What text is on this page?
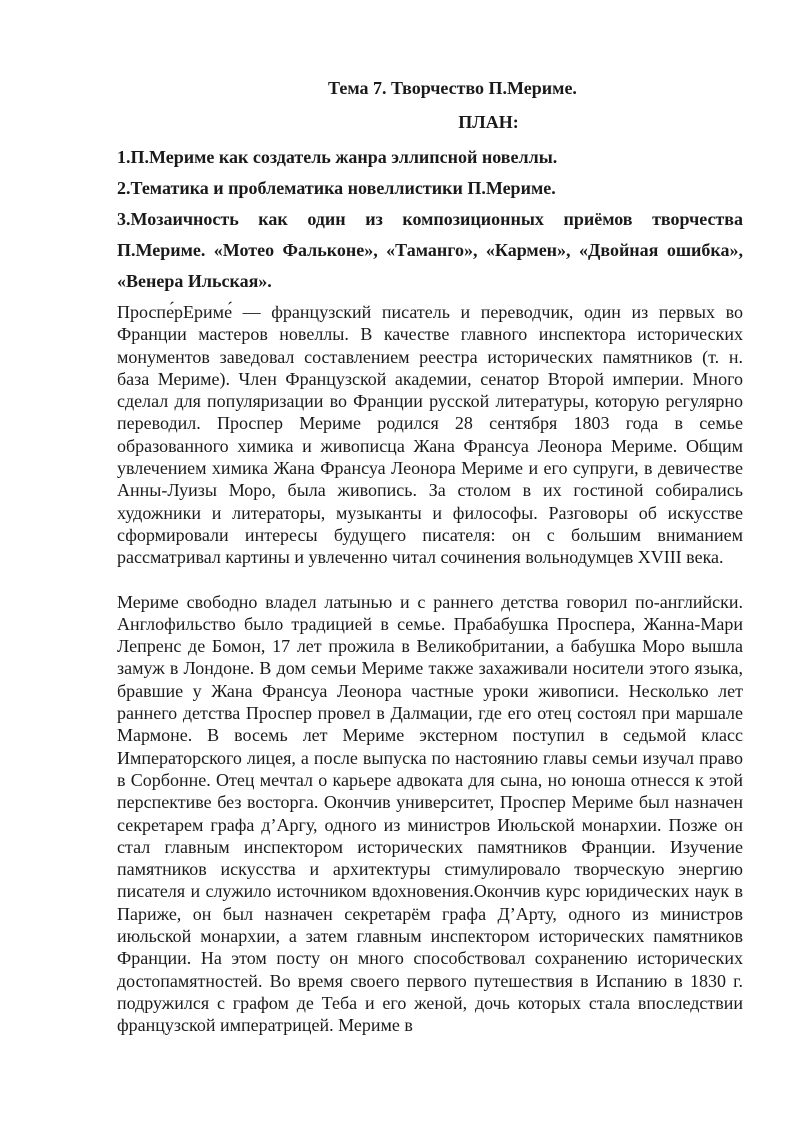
Тема 7. Творчество П.Мериме.

ПЛАН:

1.П.Мериме как создатель жанра эллипсной новеллы.

2.Тематика и проблематика новеллистики П.Мериме.

3.Мозаичность как один из композиционных приёмов творчества П.Мериме. «Мотео Фальконе», «Таманго», «Кармен», «Двойная ошибка», «Венера Ильская».

Проспе́рЕриме́ — французский писатель и переводчик, один из первых во Франции мастеров новеллы. В качестве главного инспектора исторических монументов заведовал составлением реестра исторических памятников (т. н. база Мериме). Член Французской академии, сенатор Второй империи. Много сделал для популяризации во Франции русской литературы, которую регулярно переводил. Проспер Мериме родился 28 сентября 1803 года в семье образованного химика и живописца Жана Франсуа Леонора Мериме. Общим увлечением химика Жана Франсуа Леонора Мериме и его супруги, в девичестве Анны-Луизы Моро, была живопись. За столом в их гостиной собирались художники и литераторы, музыканты и философы. Разговоры об искусстве сформировали интересы будущего писателя: он с большим вниманием рассматривал картины и увлеченно читал сочинения вольнодумцев XVIII века.

Мериме свободно владел латынью и с раннего детства говорил по-английски. Англофильство было традицией в семье. Прабабушка Проспера, Жанна-Мари Лепренс де Бомон, 17 лет прожила в Великобритании, а бабушка Моро вышла замуж в Лондоне. В дом семьи Мериме также захаживали носители этого языка, бравшие у Жана Франсуа Леонора частные уроки живописи. Несколько лет раннего детства Проспер провел в Далмации, где его отец состоял при маршале Мармоне. В восемь лет Мериме экстерном поступил в седьмой класс Императорского лицея, а после выпуска по настоянию главы семьи изучал право в Сорбонне. Отец мечтал о карьере адвоката для сына, но юноша отнесся к этой перспективе без восторга. Окончив университет, Проспер Мериме был назначен секретарем графа д’Аргу, одного из министров Июльской монархии. Позже он стал главным инспектором исторических памятников Франции. Изучение памятников искусства и архитектуры стимулировало творческую энергию писателя и служило источником вдохновения.Окончив курс юридических наук в Париже, он был назначен секретарём графа Д’Арту, одного из министров июльской монархии, а затем главным инспектором исторических памятников Франции. На этом посту он много способствовал сохранению исторических достопамятностей. Во время своего первого путешествия в Испанию в 1830 г. подружился с графом де Теба и его женой, дочь которых стала впоследствии французской императрицей. Мериме в
